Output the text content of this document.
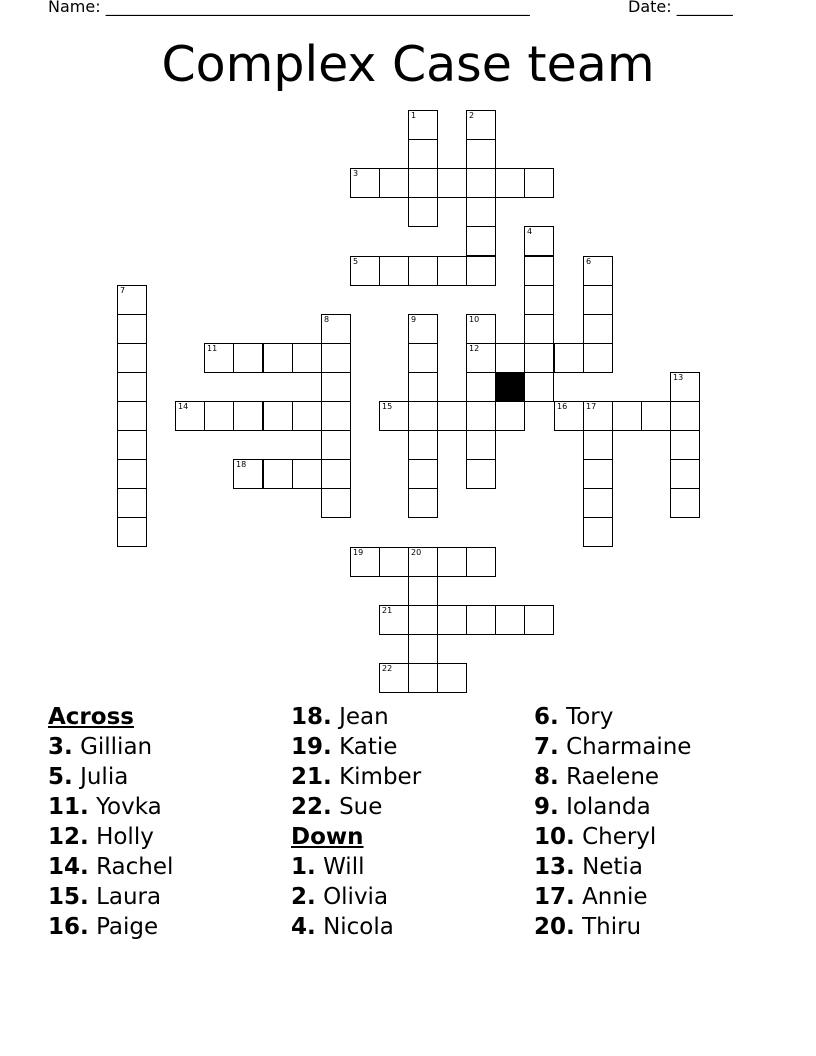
Name: _____________________________________________________	Date: _______
Complex Case team
1	2
3
4
5	6
7
8	9	10
12
11
13
14	15	16 17
18
19	20
21
22
Across
3. Gillian
5. Julia
11. Yovka
12. Holly
14. Rachel
15. Laura
16. Paige
18. Jean
19. Katie
21. Kimber
22. Sue
Down
1. Will
2. Olivia
4. Nicola
6. Tory
7. Charmaine
8. Raelene
9. Iolanda
10. Cheryl
13. Netia
17. Annie
20. Thiru
